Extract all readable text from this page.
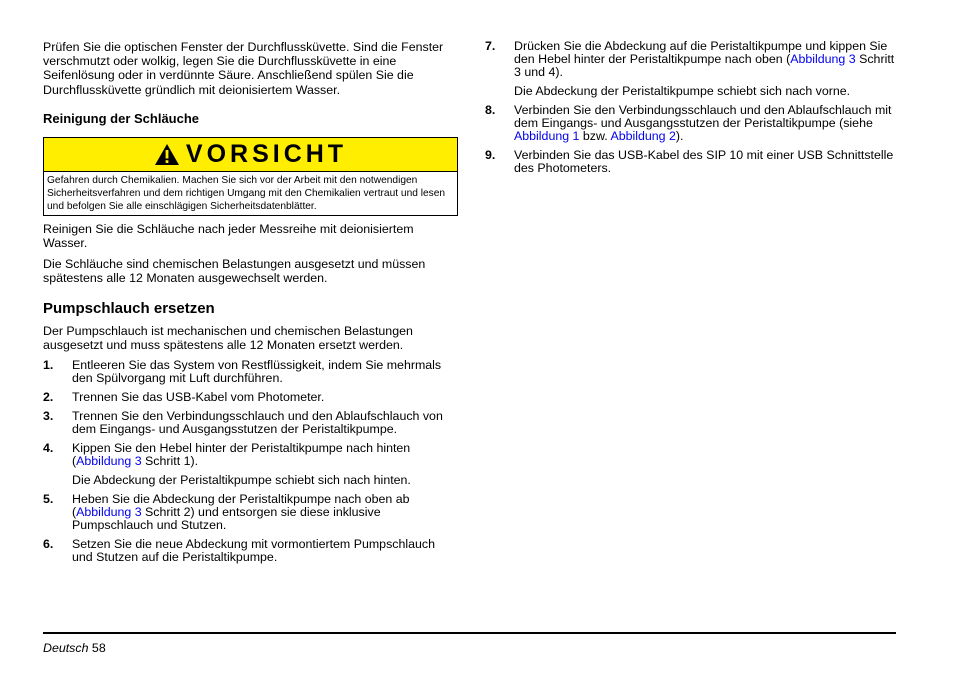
Prüfen Sie die optischen Fenster der Durchflussküvette. Sind die Fenster verschmutzt oder wolkig, legen Sie die Durchflussküvette in eine Seifenlösung oder in verdünnte Säure. Anschließend spülen Sie die Durchflussküvette gründlich mit deionisiertem Wasser.

Reinigung der Schläuche
VORSICHT
Gefahren durch Chemikalien. Machen Sie sich vor der Arbeit mit den notwendigen Sicherheitsverfahren und dem richtigen Umgang mit den Chemikalien vertraut und lesen und befolgen Sie alle einschlägigen Sicherheitsdatenblätter.

Reinigen Sie die Schläuche nach jeder Messreihe mit deionisiertem Wasser.

Die Schläuche sind chemischen Belastungen ausgesetzt und müssen spätestens alle 12 Monaten ausgewechselt werden.

Pumpschlauch ersetzen

Der Pumpschlauch ist mechanischen und chemischen Belastungen ausgesetzt und muss spätestens alle 12 Monaten ersetzt werden.

1.	Entleeren Sie das System von Restflüssigkeit, indem Sie mehrmals den Spülvorgang mit Luft durchführen.
2.	Trennen Sie das USB-Kabel vom Photometer.
3.	Trennen Sie den Verbindungsschlauch und den Ablaufschlauch von dem Eingangs- und Ausgangsstutzen der Peristaltikpumpe.
4.	Kippen Sie den Hebel hinter der Peristaltikpumpe nach hinten (Abbildung 3 Schritt 1).
Die Abdeckung der Peristaltikpumpe schiebt sich nach hinten.
5.	Heben Sie die Abdeckung der Peristaltikpumpe nach oben ab (Abbildung 3 Schritt 2) und entsorgen sie diese inklusive Pumpschlauch und Stutzen.
6.	Setzen Sie die neue Abdeckung mit vormontiertem Pumpschlauch und Stutzen auf die Peristaltikpumpe.
7.	Drücken Sie die Abdeckung auf die Peristaltikpumpe und kippen Sie den Hebel hinter der Peristaltikpumpe nach oben (Abbildung 3 Schritt 3 und 4).
Die Abdeckung der Peristaltikpumpe schiebt sich nach vorne.
8.	Verbinden Sie den Verbindungsschlauch und den Ablaufschlauch mit dem Eingangs- und Ausgangsstutzen der Peristaltikpumpe (siehe Abbildung 1 bzw. Abbildung 2).
9.	Verbinden Sie das USB-Kabel des SIP 10 mit einer USB Schnittstelle des Photometers.
Deutsch 58
